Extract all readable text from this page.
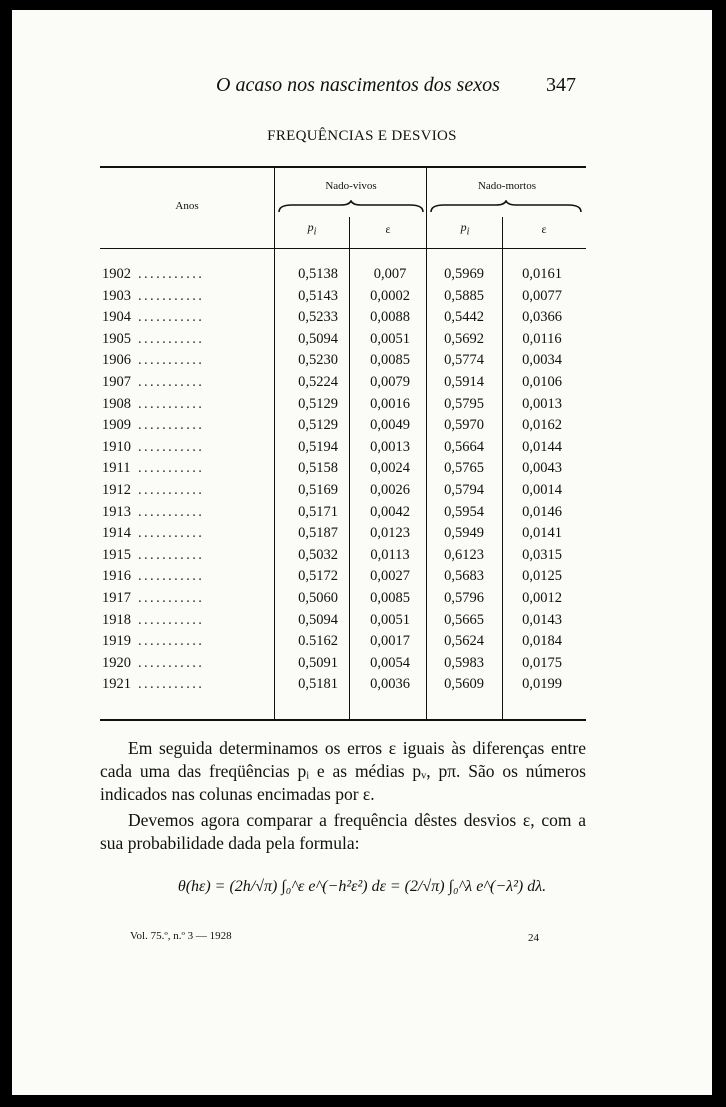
O acaso nos nascimentos dos sexos 347
FREQUÊNCIAS E DESVIOS
Anos
Nado-vivos	Nado-mortos
$p_i$	ε	$p_i$	ε
1902 ...........	0,5138	0,007	0,5969	0,0161
1903 ...........	0,5143	0,0002	0,5885	0,0077
1904 ...........	0,5233	0,0088	0,5442	0,0366
1905 ...........	0,5094	0,0051	0,5692	0,0116
1906 ...........	0,5230	0,0085	0,5774	0,0034
1907 ...........	0,5224	0,0079	0,5914	0,0106
1908 ...........	0,5129	0,0016	0,5795	0,0013
1909 ...........	0,5129	0,0049	0,5970	0,0162
1910 ...........	0,5194	0,0013	0,5664	0,0144
1911 ...........	0,5158	0,0024	0,5765	0,0043
1912 ...........	0,5169	0,0026	0,5794	0,0014
1913 ...........	0,5171	0,0042	0,5954	0,0146
1914 ...........	0,5187	0,0123	0,5949	0,0141
1915 ...........	0,5032	0,0113	0,6123	0,0315
1916 ...........	0,5172	0,0027	0,5683	0,0125
1917 ...........	0,5060	0,0085	0,5796	0,0012
1918 ...........	0,5094	0,0051	0,5665	0,0143
1919 ...........	0.5162	0,0017	0,5624	0,0184
1920 ...........	0,5091	0,0054	0,5983	0,0175
1921 ...........	0,5181	0,0036	0,5609	0,0199

Em seguida determinamos os erros ε iguais às diferenças entre cada uma das freqüências pᵢ e as médias pᵥ, pπ. São os números indicados nas colunas encimadas por ε.

Devemos agora comparar a frequência dêstes desvios ε, com a sua probabilidade dada pela formula:

θ(hε) = (2h/√π) ∫₀^ε e^(−h²ε²) dε = (2/√π) ∫₀^λ e^(−λ²) dλ.
Vol. 75.º, n.º 3 — 1928	24
